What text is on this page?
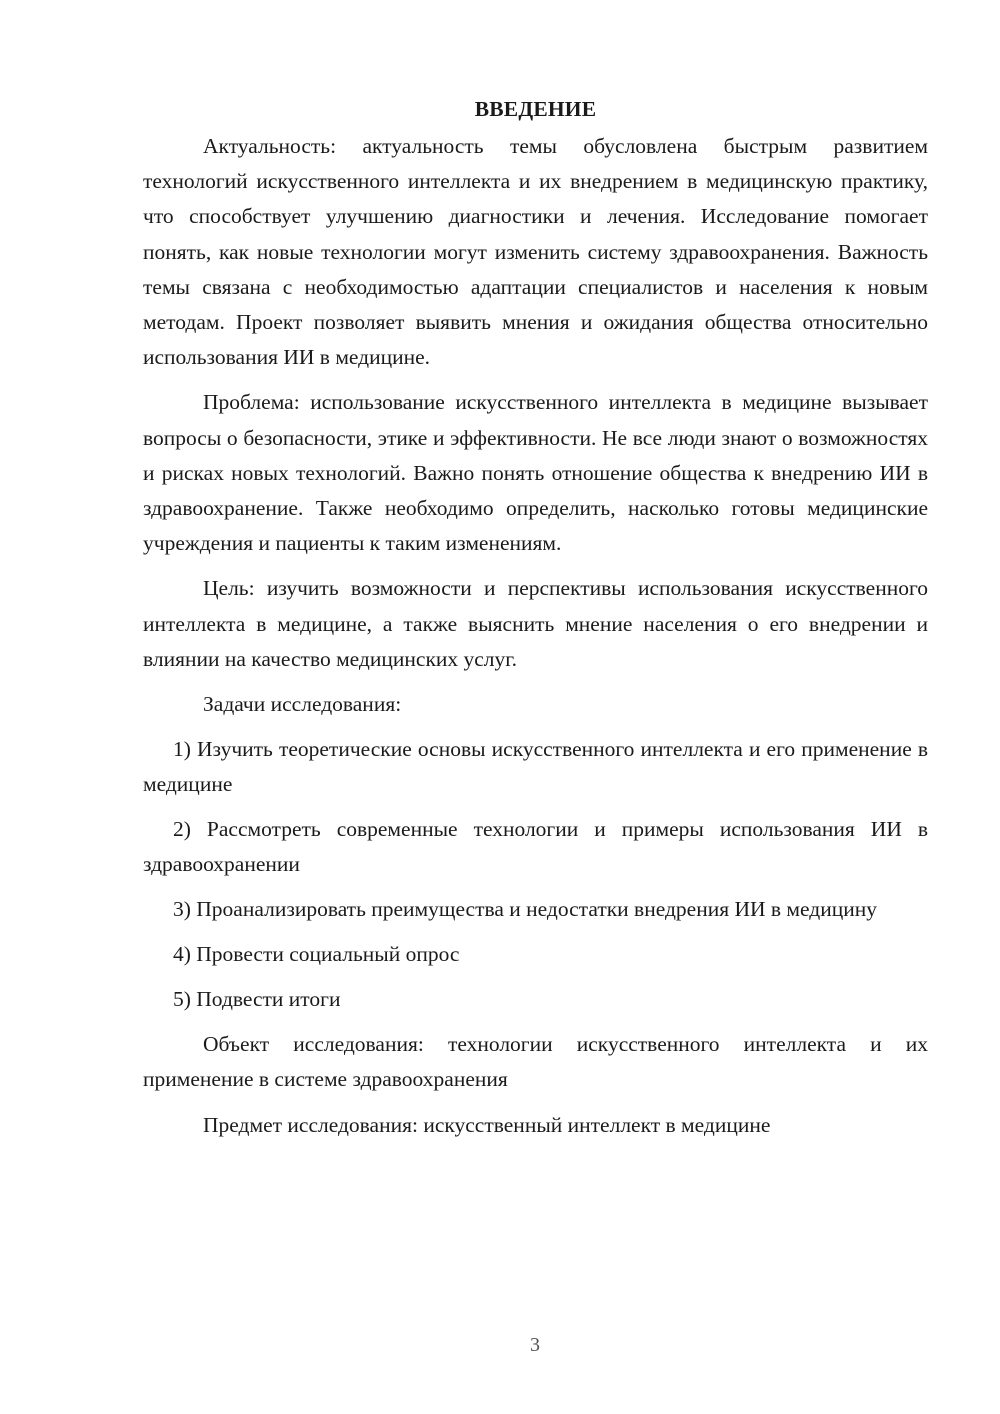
ВВЕДЕНИЕ

Актуальность: актуальность темы обусловлена быстрым развитием технологий искусственного интеллекта и их внедрением в медицинскую практику, что способствует улучшению диагностики и лечения. Исследование помогает понять, как новые технологии могут изменить систему здравоохранения. Важность темы связана с необходимостью адаптации специалистов и населения к новым методам. Проект позволяет выявить мнения и ожидания общества относительно использования ИИ в медицине.

Проблема: использование искусственного интеллекта в медицине вызывает вопросы о безопасности, этике и эффективности. Не все люди знают о возможностях и рисках новых технологий. Важно понять отношение общества к внедрению ИИ в здравоохранение. Также необходимо определить, насколько готовы медицинские учреждения и пациенты к таким изменениям.

Цель: изучить возможности и перспективы использования искусственного интеллекта в медицине, а также выяснить мнение населения о его внедрении и влиянии на качество медицинских услуг.

Задачи исследования:

1) Изучить теоретические основы искусственного интеллекта и его применение в медицине

2) Рассмотреть современные технологии и примеры использования ИИ в здравоохранении

3) Проанализировать преимущества и недостатки внедрения ИИ в медицину

4) Провести социальный опрос

5) Подвести итоги

Объект исследования: технологии искусственного интеллекта и их применение в системе здравоохранения

Предмет исследования: искусственный интеллект в медицине

3
